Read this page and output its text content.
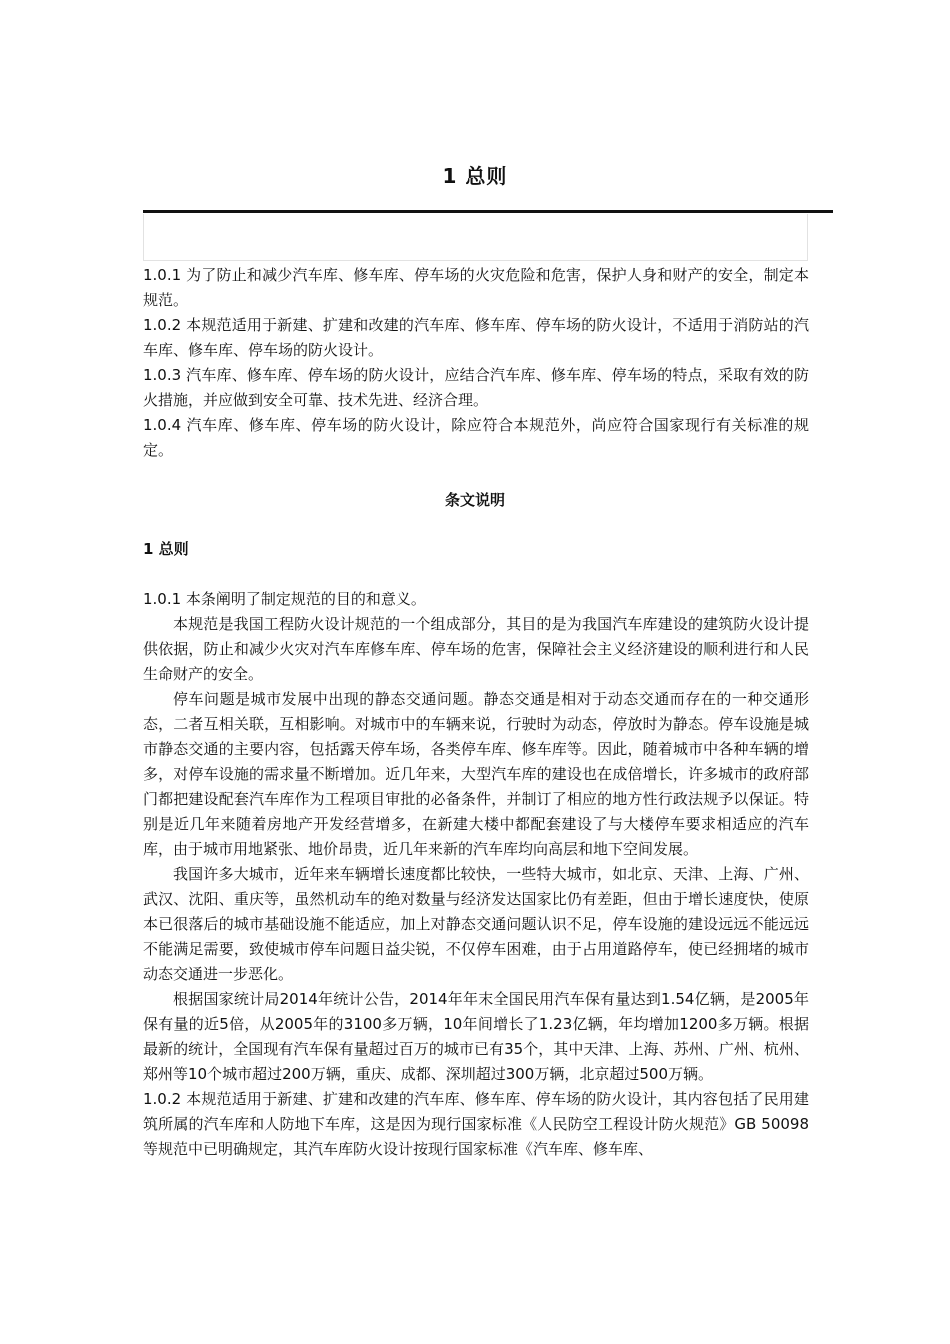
1 总则

1.0.1 为了防止和减少汽车库、修车库、停车场的火灾危险和危害，保护人身和财产的安全，制定本规范。

1.0.2 本规范适用于新建、扩建和改建的汽车库、修车库、停车场的防火设计，不适用于消防站的汽车库、修车库、停车场的防火设计。

1.0.3 汽车库、修车库、停车场的防火设计，应结合汽车库、修车库、停车场的特点，采取有效的防火措施，并应做到安全可靠、技术先进、经济合理。

1.0.4 汽车库、修车库、停车场的防火设计，除应符合本规范外，尚应符合国家现行有关标准的规定。

条文说明
1 总则

1.0.1 本条阐明了制定规范的目的和意义。

本规范是我国工程防火设计规范的一个组成部分，其目的是为我国汽车库建设的建筑防火设计提供依据，防止和减少火灾对汽车库修车库、停车场的危害，保障社会主义经济建设的顺利进行和人民生命财产的安全。

停车问题是城市发展中出现的静态交通问题。静态交通是相对于动态交通而存在的一种交通形态，二者互相关联，互相影响。对城市中的车辆来说，行驶时为动态，停放时为静态。停车设施是城市静态交通的主要内容，包括露天停车场，各类停车库、修车库等。因此，随着城市中各种车辆的增多，对停车设施的需求量不断增加。近几年来，大型汽车库的建设也在成倍增长，许多城市的政府部门都把建设配套汽车库作为工程项目审批的必备条件，并制订了相应的地方性行政法规予以保证。特别是近几年来随着房地产开发经营增多，在新建大楼中都配套建设了与大楼停车要求相适应的汽车库，由于城市用地紧张、地价昂贵，近几年来新的汽车库均向高层和地下空间发展。

我国许多大城市，近年来车辆增长速度都比较快，一些特大城市，如北京、天津、上海、广州、武汉、沈阳、重庆等，虽然机动车的绝对数量与经济发达国家比仍有差距，但由于增长速度快，使原本已很落后的城市基础设施不能适应，加上对静态交通问题认识不足，停车设施的建设远远不能远远不能满足需要，致使城市停车问题日益尖锐，不仅停车困难，由于占用道路停车，使已经拥堵的城市动态交通进一步恶化。

根据国家统计局2014年统计公告，2014年年末全国民用汽车保有量达到1.54亿辆，是2005年保有量的近5倍，从2005年的3100多万辆，10年间增长了1.23亿辆，年均增加1200多万辆。根据最新的统计，全国现有汽车保有量超过百万的城市已有35个，其中天津、上海、苏州、广州、杭州、郑州等10个城市超过200万辆，重庆、成都、深圳超过300万辆，北京超过500万辆。

1.0.2 本规范适用于新建、扩建和改建的汽车库、修车库、停车场的防火设计，其内容包括了民用建筑所属的汽车库和人防地下车库，这是因为现行国家标准《人民防空工程设计防火规范》GB 50098等规范中已明确规定，其汽车库防火设计按现行国家标准《汽车库、修车库、
